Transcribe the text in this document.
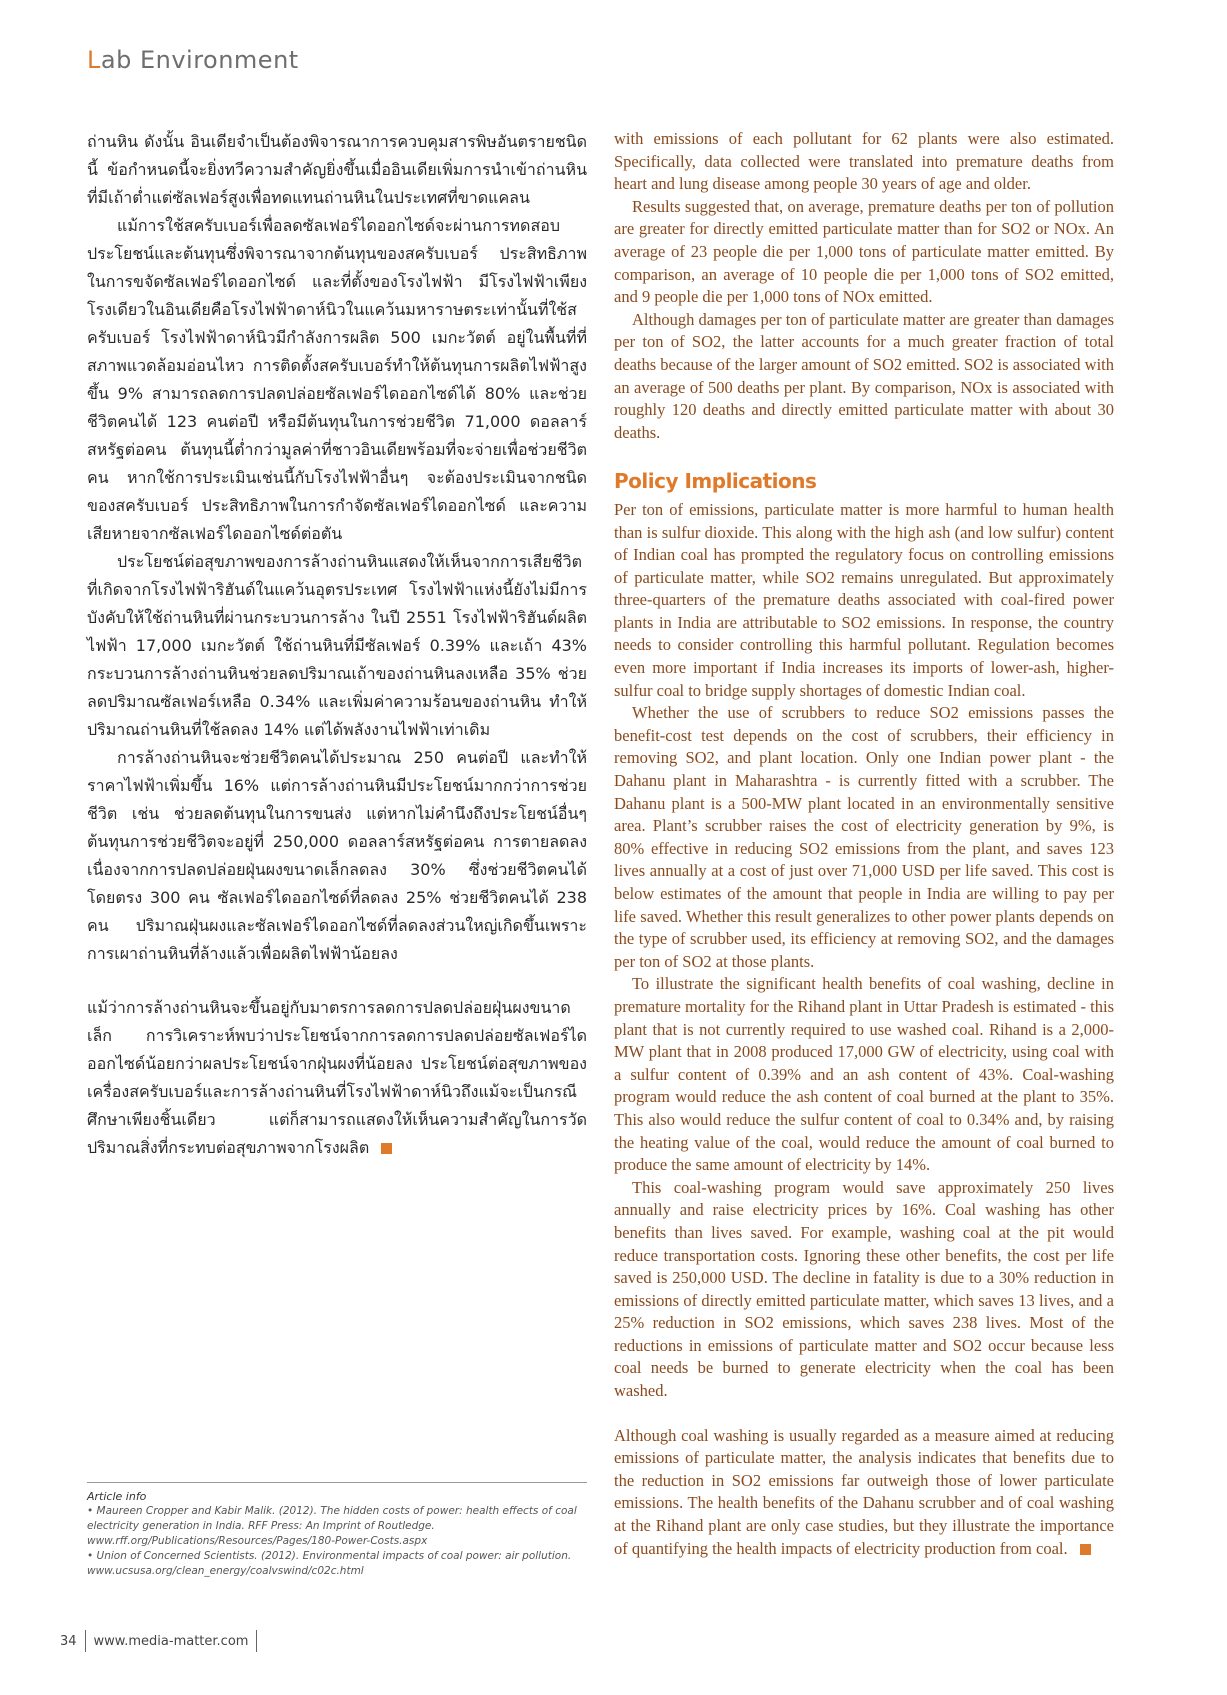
Lab Environment

ถ่านหิน ดังนั้น อินเดียจำเป็นต้องพิจารณาการควบคุมสารพิษอันตรายชนิดนี้ ข้อกำหนดนี้จะยิ่งทวีความสำคัญยิ่งขึ้นเมื่ออินเดียเพิ่มการนำเข้าถ่านหินที่มีเถ้าต่ำแต่ซัลเฟอร์สูงเพื่อทดแทนถ่านหินในประเทศที่ขาดแคลน

แม้การใช้สครับเบอร์เพื่อลดซัลเฟอร์ไดออกไซด์จะผ่านการทดสอบประโยชน์และต้นทุนซึ่งพิจารณาจากต้นทุนของสครับเบอร์ ประสิทธิภาพในการขจัดซัลเฟอร์ไดออกไซด์ และที่ตั้งของโรงไฟฟ้า มีโรงไฟฟ้าเพียงโรงเดียวในอินเดียคือโรงไฟฟ้าดาห์นิวในแคว้นมหาราษตระเท่านั้นที่ใช้สครับเบอร์ โรงไฟฟ้าดาห์นิวมีกำลังการผลิต 500 เมกะวัตต์ อยู่ในพื้นที่ที่สภาพแวดล้อมอ่อนไหว การติดตั้งสครับเบอร์ทำให้ต้นทุนการผลิตไฟฟ้าสูงขึ้น 9% สามารถลดการปลดปล่อยซัลเฟอร์ไดออกไซด์ได้ 80% และช่วยชีวิตคนได้ 123 คนต่อปี หรือมีต้นทุนในการช่วยชีวิต 71,000 ดอลลาร์สหรัฐต่อคน ต้นทุนนี้ต่ำกว่ามูลค่าที่ชาวอินเดียพร้อมที่จะจ่ายเพื่อช่วยชีวิตคน หากใช้การประเมินเช่นนี้กับโรงไฟฟ้าอื่นๆ จะต้องประเมินจากชนิดของสครับเบอร์ ประสิทธิภาพในการกำจัดซัลเฟอร์ไดออกไซด์ และความเสียหายจากซัลเฟอร์ไดออกไซด์ต่อตัน

ประโยชน์ต่อสุขภาพของการล้างถ่านหินแสดงให้เห็นจากการเสียชีวิตที่เกิดจากโรงไฟฟ้าริฮันด์ในแคว้นอุตรประเทศ โรงไฟฟ้าแห่งนี้ยังไม่มีการบังคับให้ใช้ถ่านหินที่ผ่านกระบวนการล้าง ในปี 2551 โรงไฟฟ้าริฮันด์ผลิตไฟฟ้า 17,000 เมกะวัตต์ ใช้ถ่านหินที่มีซัลเฟอร์ 0.39% และเถ้า 43% กระบวนการล้างถ่านหินช่วยลดปริมาณเถ้าของถ่านหินลงเหลือ 35% ช่วยลดปริมาณซัลเฟอร์เหลือ 0.34% และเพิ่มค่าความร้อนของถ่านหิน ทำให้ปริมาณถ่านหินที่ใช้ลดลง 14% แต่ได้พลังงานไฟฟ้าเท่าเดิม

การล้างถ่านหินจะช่วยชีวิตคนได้ประมาณ 250 คนต่อปี และทำให้ราคาไฟฟ้าเพิ่มขึ้น 16% แต่การล้างถ่านหินมีประโยชน์มากกว่าการช่วยชีวิต เช่น ช่วยลดต้นทุนในการขนส่ง แต่หากไม่คำนึงถึงประโยชน์อื่นๆ ต้นทุนการช่วยชีวิตจะอยู่ที่ 250,000 ดอลลาร์สหรัฐต่อคน การตายลดลงเนื่องจากการปลดปล่อยฝุ่นผงขนาดเล็กลดลง 30% ซึ่งช่วยชีวิตคนได้โดยตรง 300 คน ซัลเฟอร์ไดออกไซด์ที่ลดลง 25% ช่วยชีวิตคนได้ 238 คน ปริมาณฝุ่นผงและซัลเฟอร์ไดออกไซด์ที่ลดลงส่วนใหญ่เกิดขึ้นเพราะการเผาถ่านหินที่ล้างแล้วเพื่อผลิตไฟฟ้าน้อยลง

แม้ว่าการล้างถ่านหินจะขึ้นอยู่กับมาตรการลดการปลดปล่อยฝุ่นผงขนาดเล็ก การวิเคราะห์พบว่าประโยชน์จากการลดการปลดปล่อยซัลเฟอร์ไดออกไซด์น้อยกว่าผลประโยชน์จากฝุ่นผงที่น้อยลง ประโยชน์ต่อสุขภาพของเครื่องสครับเบอร์และการล้างถ่านหินที่โรงไฟฟ้าดาห์นิวถึงแม้จะเป็นกรณีศึกษาเพียงชิ้นเดียว แต่ก็สามารถแสดงให้เห็นความสำคัญในการวัดปริมาณสิ่งที่กระทบต่อสุขภาพจากโรงผลิต

with emissions of each pollutant for 62 plants were also estimated. Specifically, data collected were translated into premature deaths from heart and lung disease among people 30 years of age and older.

Results suggested that, on average, premature deaths per ton of pollution are greater for directly emitted particulate matter than for SO2 or NOx. An average of 23 people die per 1,000 tons of particulate matter emitted. By comparison, an average of 10 people die per 1,000 tons of SO2 emitted, and 9 people die per 1,000 tons of NOx emitted.

Although damages per ton of particulate matter are greater than damages per ton of SO2, the latter accounts for a much greater fraction of total deaths because of the larger amount of SO2 emitted. SO2 is associated with an average of 500 deaths per plant. By comparison, NOx is associated with roughly 120 deaths and directly emitted particulate matter with about 30 deaths.

Policy Implications

Per ton of emissions, particulate matter is more harmful to human health than is sulfur dioxide. This along with the high ash (and low sulfur) content of Indian coal has prompted the regulatory focus on controlling emissions of particulate matter, while SO2 remains unregulated. But approximately three-quarters of the premature deaths associated with coal-fired power plants in India are attributable to SO2 emissions. In response, the country needs to consider controlling this harmful pollutant. Regulation becomes even more important if India increases its imports of lower-ash, higher-sulfur coal to bridge supply shortages of domestic Indian coal.

Whether the use of scrubbers to reduce SO2 emissions passes the benefit-cost test depends on the cost of scrubbers, their efficiency in removing SO2, and plant location. Only one Indian power plant - the Dahanu plant in Maharashtra - is currently fitted with a scrubber. The Dahanu plant is a 500-MW plant located in an environmentally sensitive area. Plant’s scrubber raises the cost of electricity generation by 9%, is 80% effective in reducing SO2 emissions from the plant, and saves 123 lives annually at a cost of just over 71,000 USD per life saved. This cost is below estimates of the amount that people in India are willing to pay per life saved. Whether this result generalizes to other power plants depends on the type of scrubber used, its efficiency at removing SO2, and the damages per ton of SO2 at those plants.

To illustrate the significant health benefits of coal washing, decline in premature mortality for the Rihand plant in Uttar Pradesh is estimated - this plant that is not currently required to use washed coal. Rihand is a 2,000-MW plant that in 2008 produced 17,000 GW of electricity, using coal with a sulfur content of 0.39% and an ash content of 43%. Coal-washing program would reduce the ash content of coal burned at the plant to 35%. This also would reduce the sulfur content of coal to 0.34% and, by raising the heating value of the coal, would reduce the amount of coal burned to produce the same amount of electricity by 14%.

This coal-washing program would save approximately 250 lives annually and raise electricity prices by 16%. Coal washing has other benefits than lives saved. For example, washing coal at the pit would reduce transportation costs. Ignoring these other benefits, the cost per life saved is 250,000 USD. The decline in fatality is due to a 30% reduction in emissions of directly emitted particulate matter, which saves 13 lives, and a 25% reduction in SO2 emissions, which saves 238 lives. Most of the reductions in emissions of particulate matter and SO2 occur because less coal needs be burned to generate electricity when the coal has been washed.

Although coal washing is usually regarded as a measure aimed at reducing emissions of particulate matter, the analysis indicates that benefits due to the reduction in SO2 emissions far outweigh those of lower particulate emissions. The health benefits of the Dahanu scrubber and of coal washing at the Rihand plant are only case studies, but they illustrate the importance of quantifying the health impacts of electricity production from coal.

Article info
• Maureen Cropper and Kabir Malik. (2012). The hidden costs of power: health effects of coal electricity generation in India. RFF Press: An Imprint of Routledge. www.rff.org/Publications/Resources/Pages/180-Power-Costs.aspx
• Union of Concerned Scientists. (2012). Environmental impacts of coal power: air pollution. www.ucsusa.org/clean_energy/coalvswind/c02c.html
34 www.media-matter.com
